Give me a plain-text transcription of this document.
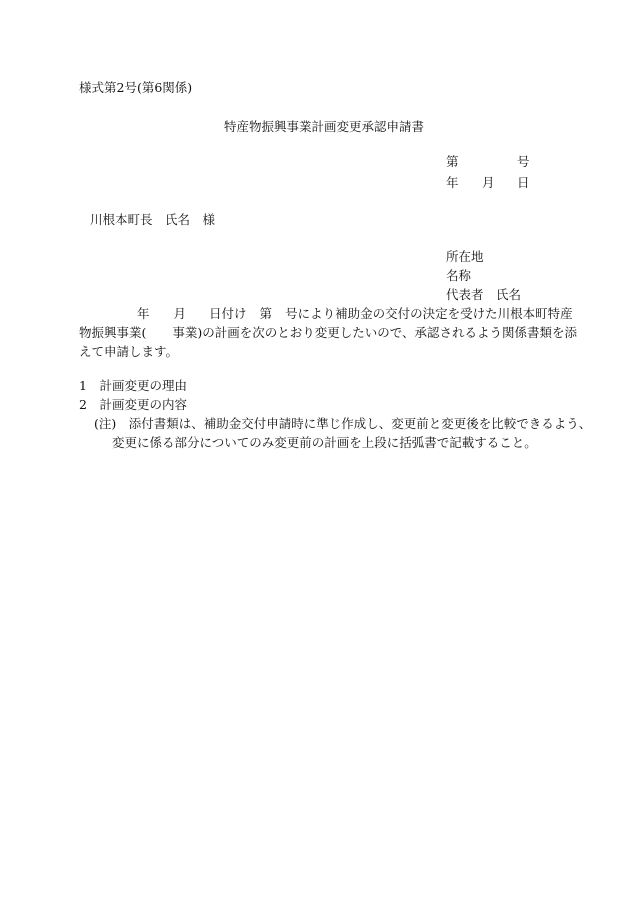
様式第2号(第6関係)
特産物振興事業計画変更承認申請書
第	号
年 月 日
川根本町長　氏名　様
所在地
名称
代表者　氏名
年 月 日付け 第 号により補助金の交付の決定を受けた川根本町特産
物振興事業( 事業)の計画を次のとおり変更したいので、承認されるよう関係書類を添
えて申請します。
1　計画変更の理由
2　計画変更の内容
(注)　添付書類は、補助金交付申請時に準じ作成し、変更前と変更後を比較できるよう、
変更に係る部分についてのみ変更前の計画を上段に括弧書で記載すること。
